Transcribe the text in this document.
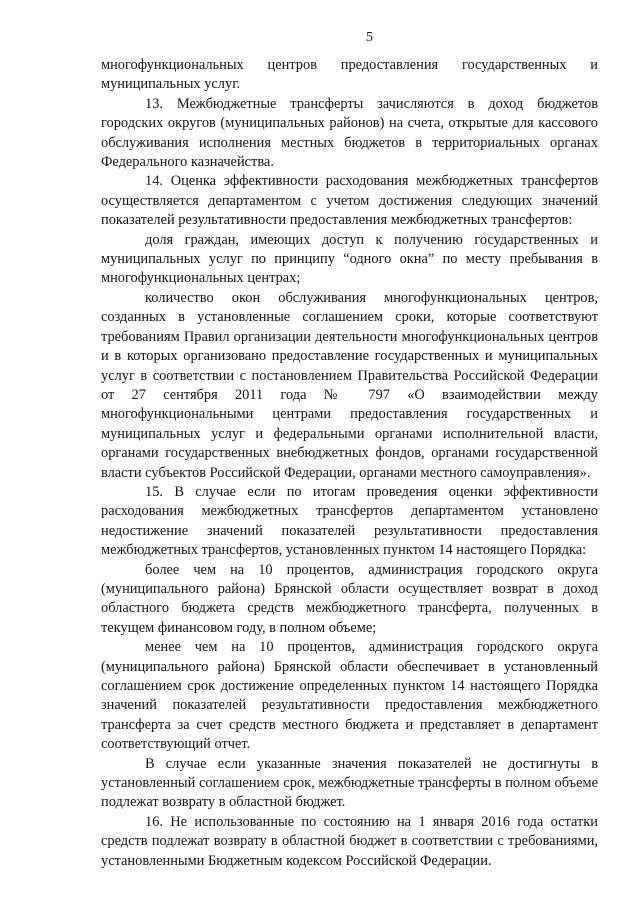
5

многофункциональных центров предоставления государственных и муниципальных услуг.

13. Межбюджетные трансферты зачисляются в доход бюджетов городских округов (муниципальных районов) на счета, открытые для кассового обслуживания исполнения местных бюджетов в территориальных органах Федерального казначейства.

14. Оценка эффективности расходования межбюджетных трансфертов осуществляется департаментом с учетом достижения следующих значений показателей результативности предоставления межбюджетных трансфертов:

доля граждан, имеющих доступ к получению государственных и муниципальных услуг по принципу “одного окна” по месту пребывания в многофункциональных центрах;

количество окон обслуживания многофункциональных центров, созданных в установленные соглашением сроки, которые соответствуют требованиям Правил организации деятельности многофункциональных центров и в которых организовано предоставление государственных и муниципальных услуг в соответствии с постановлением Правительства Российской Федерации от 27 сентября 2011 года № 797 «О взаимодействии между многофункциональными центрами предоставления государственных и муниципальных услуг и федеральными органами исполнительной власти, органами государственных внебюджетных фондов, органами государственной власти субъектов Российской Федерации, органами местного самоуправления».

15. В случае если по итогам проведения оценки эффективности расходования межбюджетных трансфертов департаментом установлено недостижение значений показателей результативности предоставления межбюджетных трансфертов, установленных пунктом 14 настоящего Порядка:

более чем на 10 процентов, администрация городского округа (муниципального района) Брянской области осуществляет возврат в доход областного бюджета средств межбюджетного трансферта, полученных в текущем финансовом году, в полном объеме;

менее чем на 10 процентов, администрация городского округа (муниципального района) Брянской области обеспечивает в установленный соглашением срок достижение определенных пунктом 14 настоящего Порядка значений показателей результативности предоставления межбюджетного трансферта за счет средств местного бюджета и представляет в департамент соответствующий отчет.

В случае если указанные значения показателей не достигнуты в установленный соглашением срок, межбюджетные трансферты в полном объеме подлежат возврату в областной бюджет.

16. Не использованные по состоянию на 1 января 2016 года остатки средств подлежат возврату в областной бюджет в соответствии с требованиями, установленными Бюджетным кодексом Российской Федерации.
